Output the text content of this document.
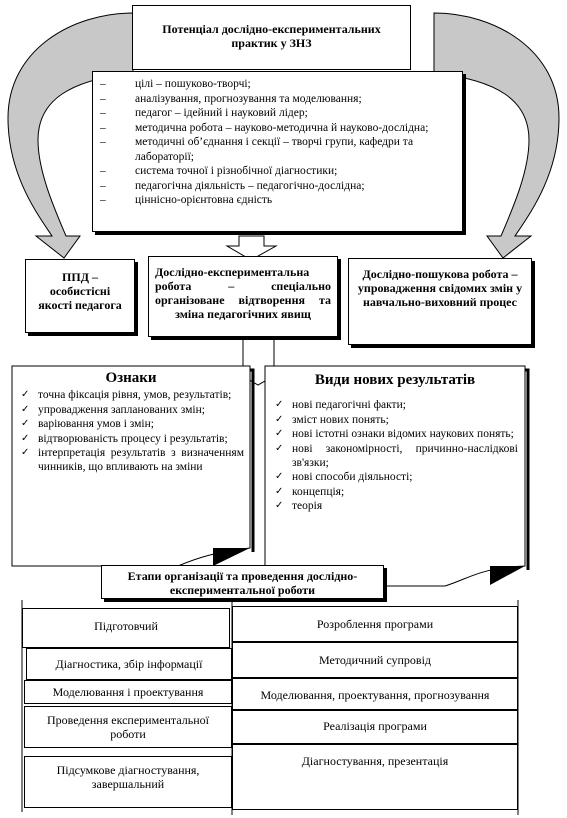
Потенціал дослідно-експериментальних практик у ЗНЗ
– цілі – пошуково-творчі;
– аналізування, прогнозування та моделювання;
– педагог – ідейний і науковий лідер;
– методична робота – науково-методична й науково-дослідна;
– методичні об’єднання і секції – творчі групи, кафедри та лабораторії;
– система точної і різнобічної діагностики;
– педагогічна діяльність – педагогічно-дослідна;
– ціннісно-орієнтовна єдність
ППД – особистісні якості педагога
Дослідно-експериментальна робота – спеціально організоване відтворення та зміна педагогічних явищ
Дослідно-пошукова робота – упровадження свідомих змін у навчально-виховний процес
Ознаки
✓ точна фіксація рівня, умов, результатів;
✓ упровадження запланованих змін;
✓ варіювання умов і змін;
✓ відтворюваність процесу і результатів;
✓ інтерпретація результатів з визначенням чинників, що впливають на зміни
Види нових результатів
✓ нові педагогічні факти;
✓ зміст нових понять;
✓ нові істотні ознаки відомих наукових понять;
✓ нові закономірності, причинно-наслідкові зв'язки;
✓ нові способи діяльності;
✓ концепція;
✓ теорія
Етапи організації та проведення дослідно-експериментальної роботи
Підготовчий
Діагностика, збір інформації
Моделювання і проектування
Проведення експериментальної роботи
Підсумкове діагностування, завершальний
Розроблення програми
Методичний супровід
Моделювання, проектування, прогнозування
Реалізація програми
Діагностування, презентація
